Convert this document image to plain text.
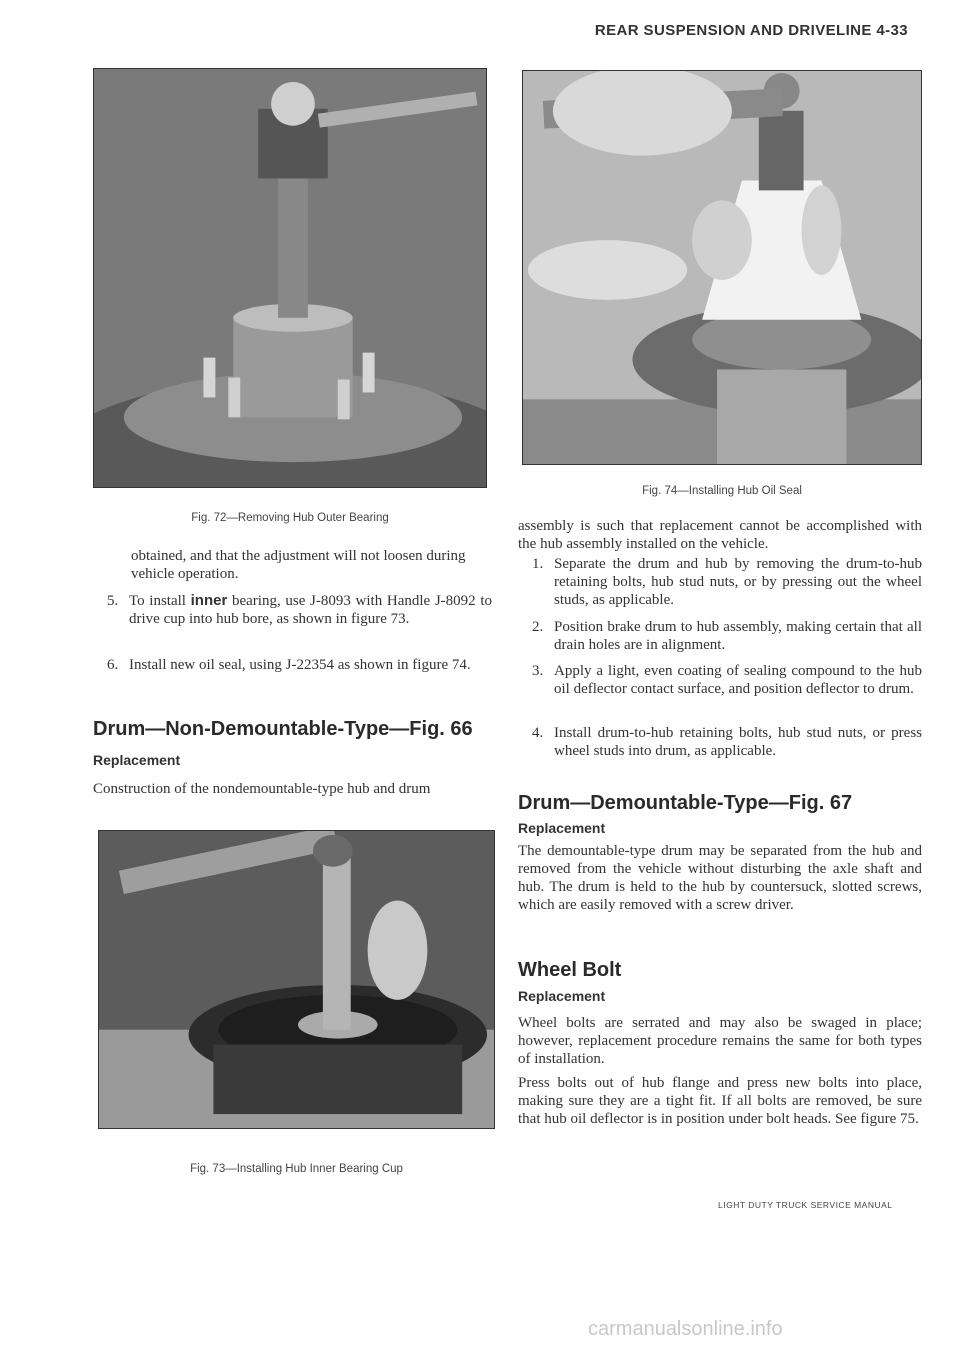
REAR SUSPENSION AND DRIVELINE 4-33
Fig. 72—Removing Hub Outer Bearing
obtained, and that the adjustment will not loosen during vehicle operation.
5. To install inner bearing, use J-8093 with Handle J-8092 to drive cup into hub bore, as shown in figure 73.
6. Install new oil seal, using J-22354 as shown in figure 74.
Drum—Non-Demountable-Type—Fig. 66
Replacement
Construction of the nondemountable-type hub and drum
Fig. 73—Installing Hub Inner Bearing Cup
Fig. 74—Installing Hub Oil Seal
assembly is such that replacement cannot be accomplished with the hub assembly installed on the vehicle.
1. Separate the drum and hub by removing the drum-to-hub retaining bolts, hub stud nuts, or by pressing out the wheel studs, as applicable.
2. Position brake drum to hub assembly, making certain that all drain holes are in alignment.
3. Apply a light, even coating of sealing compound to the hub oil deflector contact surface, and position deflector to drum.
4. Install drum-to-hub retaining bolts, hub stud nuts, or press wheel studs into drum, as applicable.
Drum—Demountable-Type—Fig. 67
Replacement
The demountable-type drum may be separated from the hub and removed from the vehicle without disturbing the axle shaft and hub. The drum is held to the hub by countersuck, slotted screws, which are easily removed with a screw driver.
Wheel Bolt
Replacement
Wheel bolts are serrated and may also be swaged in place; however, replacement procedure remains the same for both types of installation.
Press bolts out of hub flange and press new bolts into place, making sure they are a tight fit. If all bolts are removed, be sure that hub oil deflector is in position under bolt heads. See figure 75.
LIGHT DUTY TRUCK SERVICE MANUAL
carmanualsonline.info
